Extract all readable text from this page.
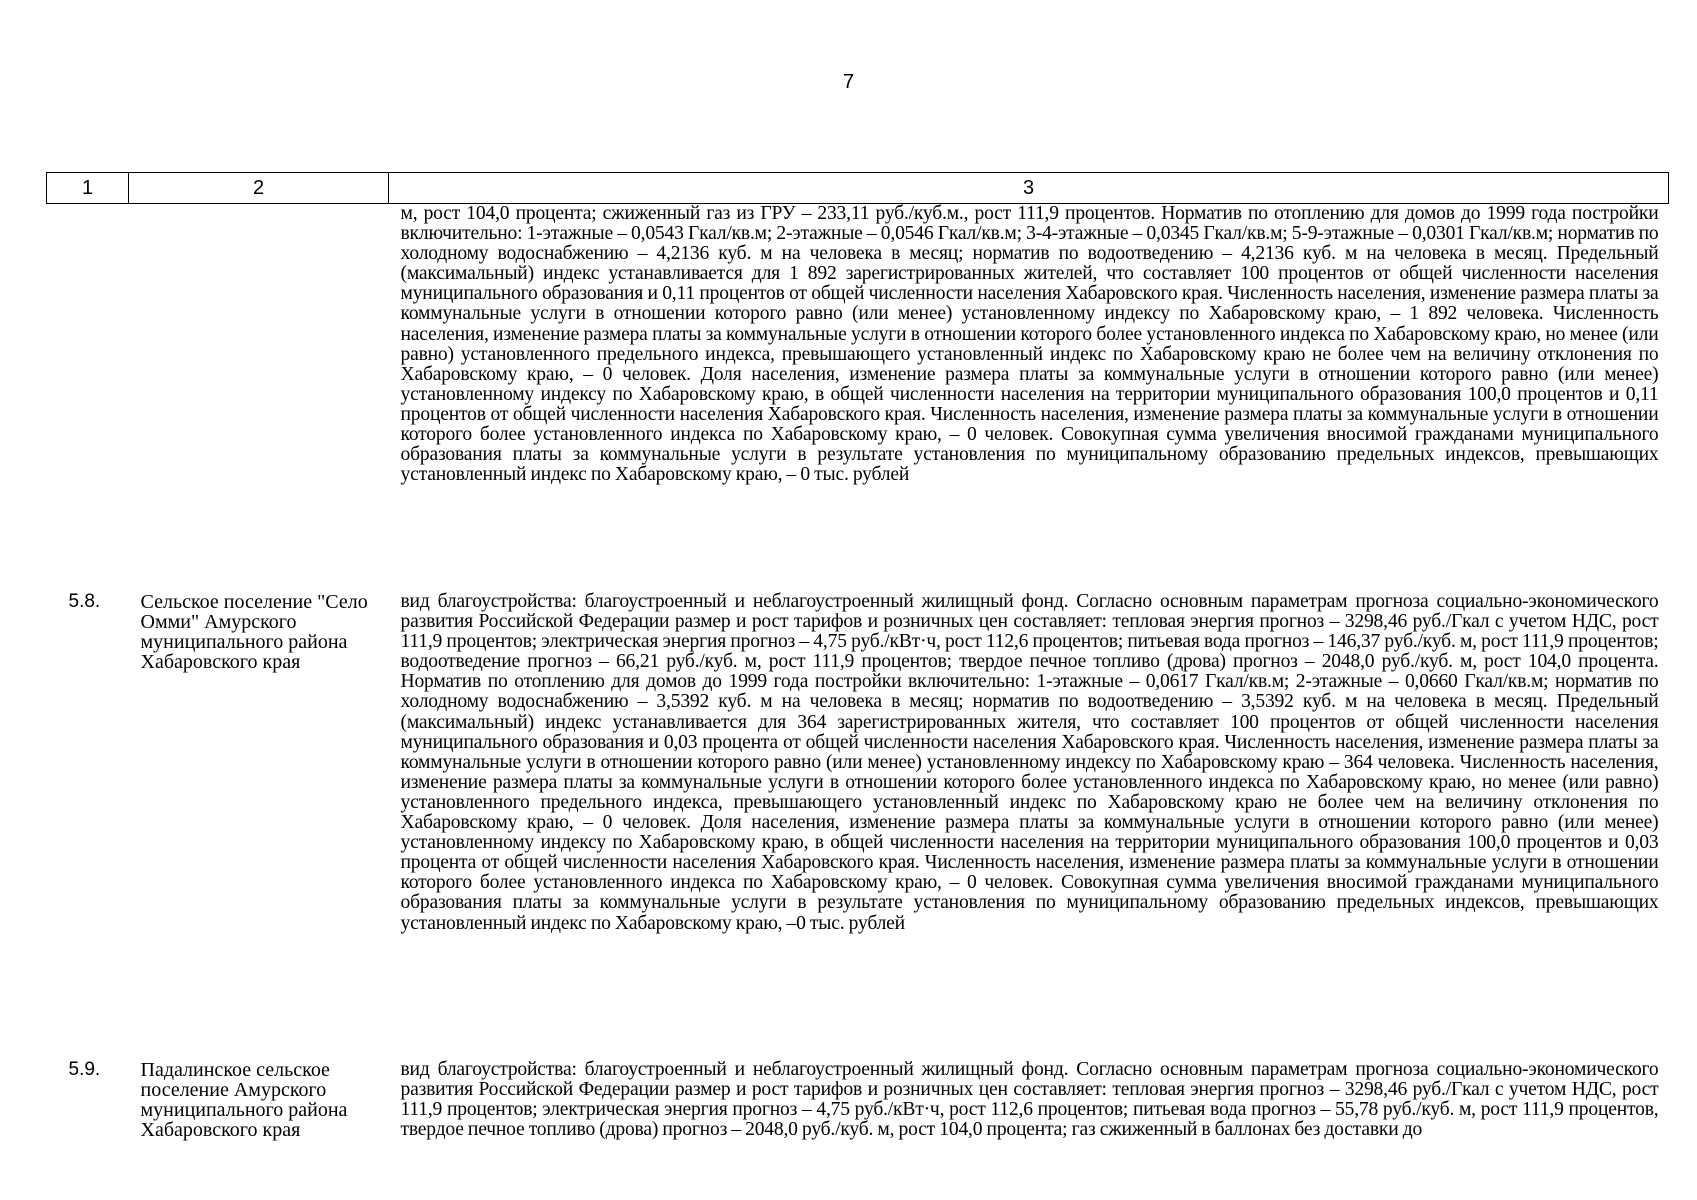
7
1	2	3
		м, рост 104,0 процента; сжиженный газ из ГРУ – 233,11 руб./куб.м., рост 111,9 процентов. Норматив по отоплению для домов до 1999 года постройки включительно: 1-этажные – 0,0543 Гкал/кв.м; 2-этажные – 0,0546 Гкал/кв.м; 3-4-этажные – 0,0345 Гкал/кв.м; 5-9-этажные – 0,0301 Гкал/кв.м; норматив по холодному водоснабжению – 4,2136 куб. м на человека в месяц; норматив по водоотведению – 4,2136 куб. м на человека в месяц. Предельный (максимальный) индекс устанавливается для 1 892 зарегистрированных жителей, что составляет 100 процентов от общей численности населения муниципального образования и 0,11 процентов от общей численности населения Хабаровского края. Численность населения, изменение размера платы за коммунальные услуги в отношении которого равно (или менее) установленному индексу по Хабаровскому краю, – 1 892 человека. Численность населения, изменение размера платы за коммунальные услуги в отношении которого более установленного индекса по Хабаровскому краю, но менее (или равно) установленного предельного индекса, превышающего установленный индекс по Хабаровскому краю не более чем на величину отклонения по Хабаровскому краю, – 0 человек. Доля населения, изменение размера платы за коммунальные услуги в отношении которого равно (или менее) установленному индексу по Хабаровскому краю, в общей численности населения на территории муниципального образования 100,0 процентов и 0,11 процентов от общей численности населения Хабаровского края. Численность населения, изменение размера платы за коммунальные услуги в отношении которого более установленного индекса по Хабаровскому краю, – 0 человек. Совокупная сумма увеличения вносимой гражданами муниципального образования платы за коммунальные услуги в результате установления по муниципальному образованию предельных индексов, превышающих установленный индекс по Хабаровскому краю, – 0 тыс. рублей
5.8.	Сельское поселение "Село Омми" Амурского муниципального района Хабаровского края	вид благоустройства: благоустроенный и неблагоустроенный жилищный фонд. Согласно основным параметрам прогноза социально-экономического развития Российской Федерации размер и рост тарифов и розничных цен составляет: тепловая энергия прогноз – 3298,46 руб./Гкал с учетом НДС, рост 111,9 процентов; электрическая энергия прогноз – 4,75 руб./кВт·ч, рост 112,6 процентов; питьевая вода прогноз – 146,37 руб./куб. м, рост 111,9 процентов; водоотведение прогноз – 66,21 руб./куб. м, рост 111,9 процентов; твердое печное топливо (дрова) прогноз – 2048,0 руб./куб. м, рост 104,0 процента. Норматив по отоплению для домов до 1999 года постройки включительно: 1-этажные – 0,0617 Гкал/кв.м; 2-этажные – 0,0660 Гкал/кв.м; норматив по холодному водоснабжению – 3,5392 куб. м на человека в месяц; норматив по водоотведению – 3,5392 куб. м на человека в месяц. Предельный (максимальный) индекс устанавливается для 364 зарегистрированных жителя, что составляет 100 процентов от общей численности населения муниципального образования и 0,03 процента от общей численности населения Хабаровского края. Численность населения, изменение размера платы за коммунальные услуги в отношении которого равно (или менее) установленному индексу по Хабаровскому краю – 364 человека. Численность населения, изменение размера платы за коммунальные услуги в отношении которого более установленного индекса по Хабаровскому краю, но менее (или равно) установленного предельного индекса, превышающего установленный индекс по Хабаровскому краю не более чем на величину отклонения по Хабаровскому краю, – 0 человек. Доля населения, изменение размера платы за коммунальные услуги в отношении которого равно (или менее) установленному индексу по Хабаровскому краю, в общей численности населения на территории муниципального образования 100,0 процентов и 0,03 процента от общей численности населения Хабаровского края. Численность населения, изменение размера платы за коммунальные услуги в отношении которого более установленного индекса по Хабаровскому краю, – 0 человек. Совокупная сумма увеличения вносимой гражданами муниципального образования платы за коммунальные услуги в результате установления по муниципальному образованию предельных индексов, превышающих установленный индекс по Хабаровскому краю, –0 тыс. рублей
5.9.	Падалинское сельское поселение Амурского муниципального района Хабаровского края	вид благоустройства: благоустроенный и неблагоустроенный жилищный фонд. Согласно основным параметрам прогноза социально-экономического развития Российской Федерации размер и рост тарифов и розничных цен составляет: тепловая энергия прогноз – 3298,46 руб./Гкал с учетом НДС, рост 111,9 процентов; электрическая энергия прогноз – 4,75 руб./кВт·ч, рост 112,6 процентов; питьевая вода прогноз – 55,78 руб./куб. м, рост 111,9 процентов, твердое печное топливо (дрова) прогноз – 2048,0 руб./куб. м, рост 104,0 процента; газ сжиженный в баллонах без доставки до
